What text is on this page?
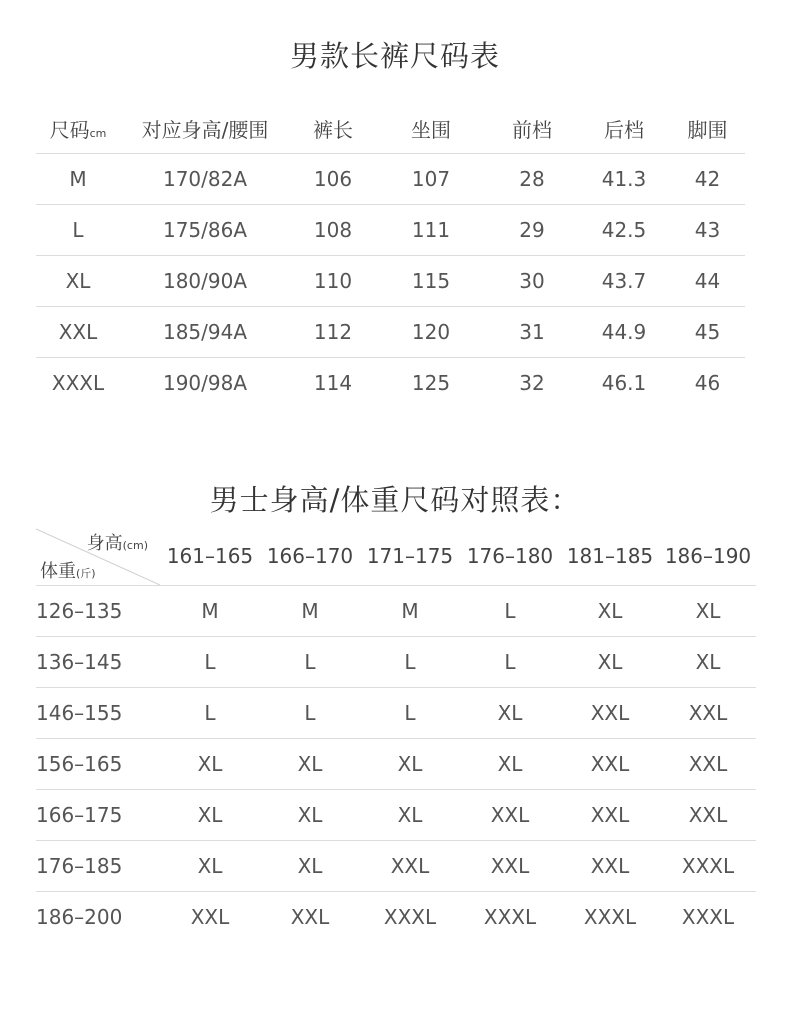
男款长裤尺码表
尺码cm	对应身高/腰围	裤长	坐围	前档	后档	脚围
M	170/82A	106	107	28	41.3	42
L	175/86A	108	111	29	42.5	43
XL	180/90A	110	115	30	43.7	44
XXL	185/94A	112	120	31	44.9	45
XXXL	190/98A	114	125	32	46.1	46
男士身高/体重尺码对照表：
身高(cm)
体重(斤)	161–165	166–170	171–175	176–180	181–185	186–190
126–135	M	M	M	L	XL	XL
136–145	L	L	L	L	XL	XL
146–155	L	L	L	XL	XXL	XXL
156–165	XL	XL	XL	XL	XXL	XXL
166–175	XL	XL	XL	XXL	XXL	XXL
176–185	XL	XL	XXL	XXL	XXL	XXXL
186–200	XXL	XXL	XXXL	XXXL	XXXL	XXXL
